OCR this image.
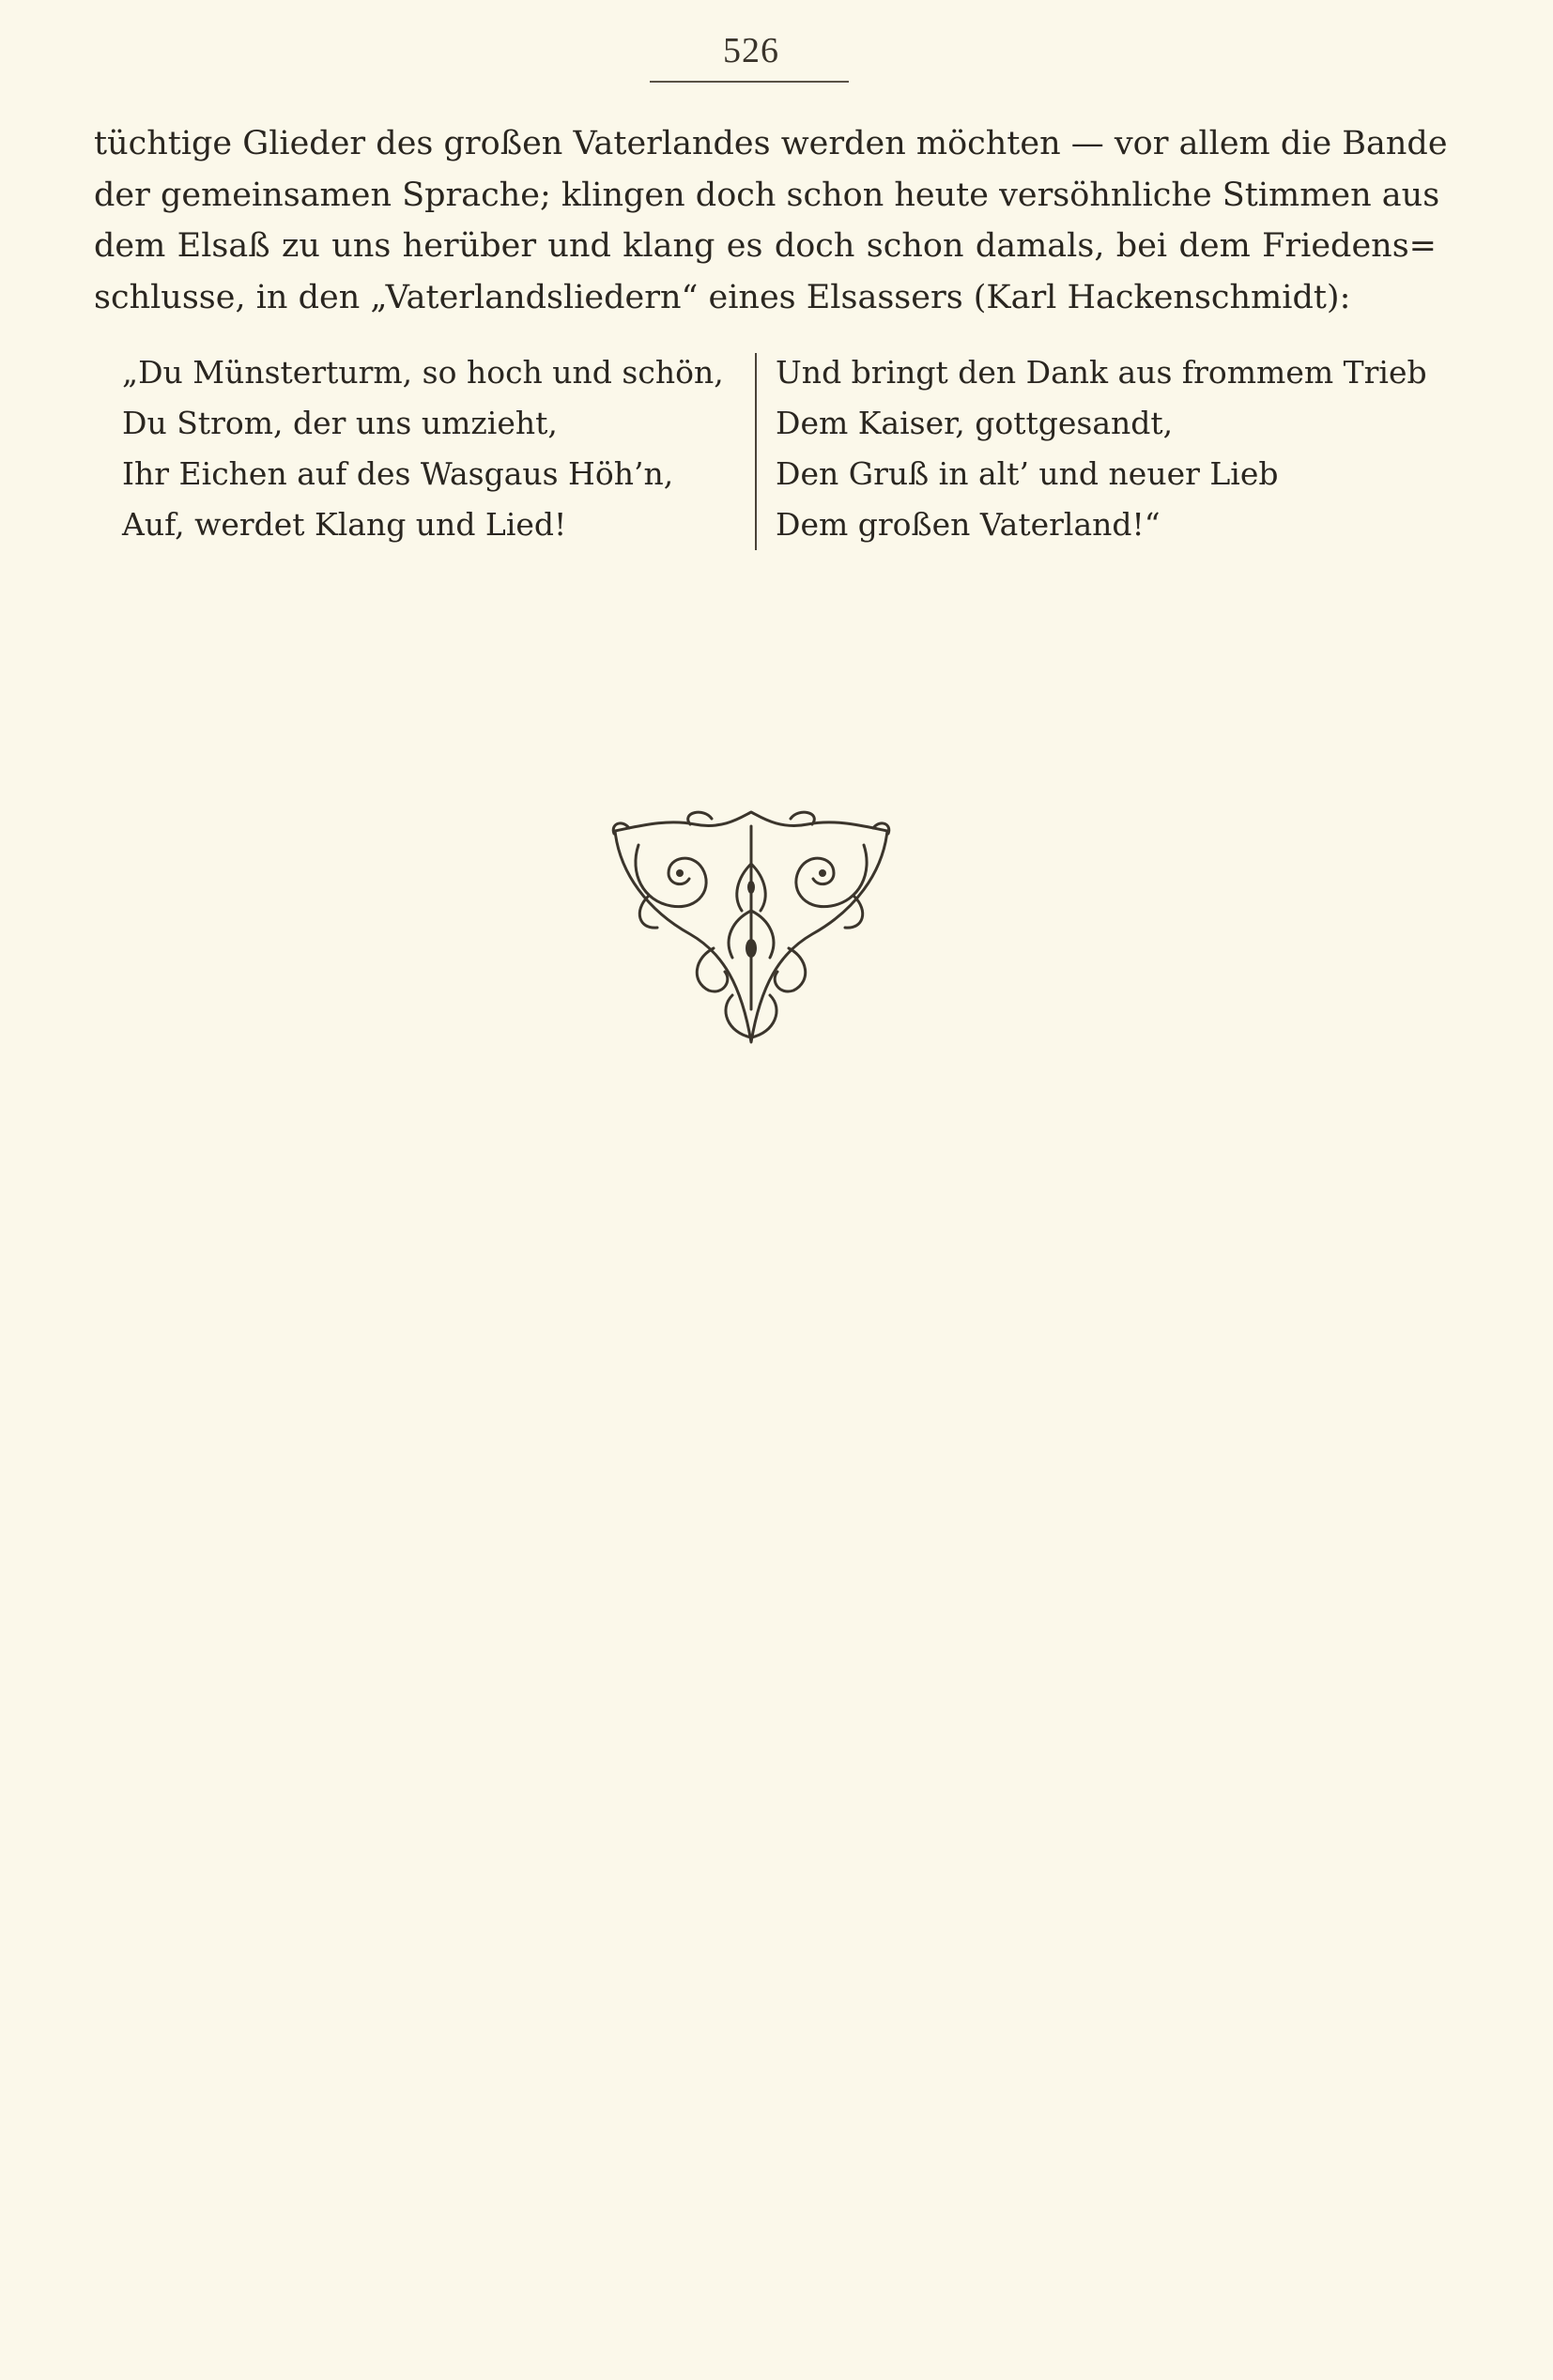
526
tüchtige Glieder des großen Vaterlandes werden möchten — vor allem die Bande
der gemeinsamen Sprache; klingen doch schon heute versöhnliche Stimmen aus
dem Elsaß zu uns herüber und klang es doch schon damals, bei dem Friedens=
schlusse, in den „Vaterlandsliedern“ eines Elsassers (Karl Hackenschmidt):
„Du Münsterturm, so hoch und schön,
Du Strom, der uns umzieht,
Ihr Eichen auf des Wasgaus Höh’n,
Auf, werdet Klang und Lied!
Und bringt den Dank aus frommem Trieb
Dem Kaiser, gottgesandt,
Den Gruß in alt’ und neuer Lieb
Dem großen Vaterland!“
